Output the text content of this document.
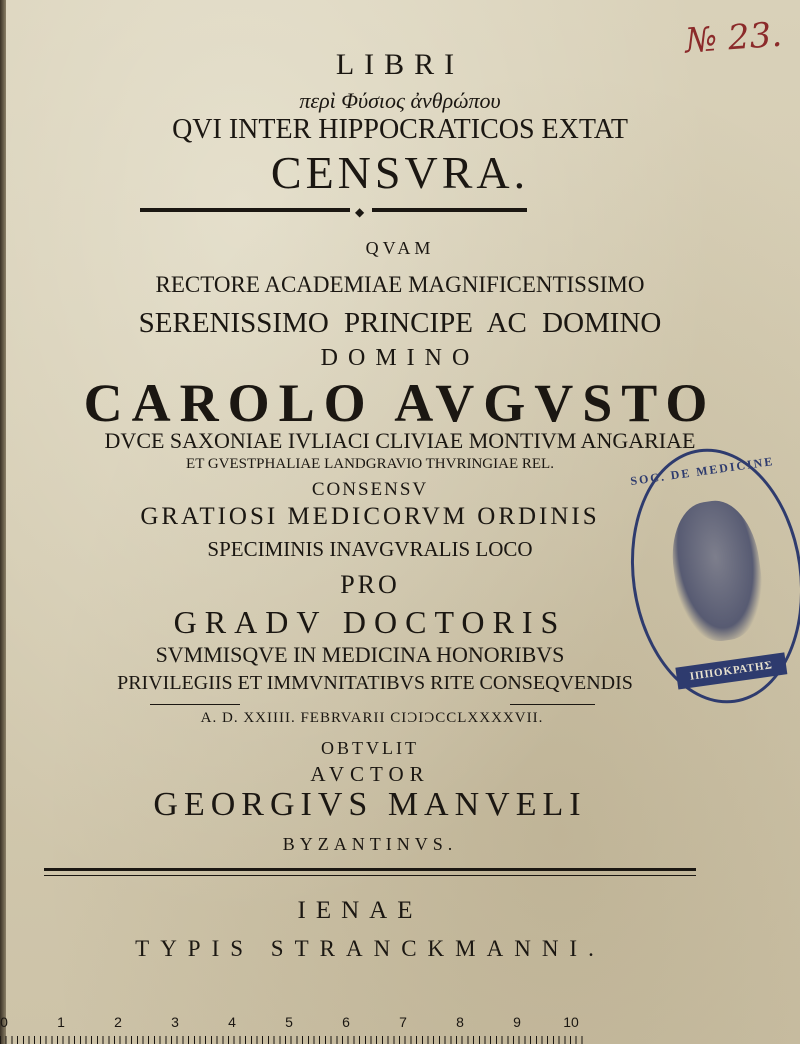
№ 23.
LIBRI
περὶ Φύσιος ἀνθρώπου
QVI INTER HIPPOCRATICOS EXTAT
CENSVRA.
◆
QVAM
RECTORE ACADEMIAE MAGNIFICENTISSIMO
SERENISSIMO PRINCIPE AC DOMINO
DOMINO
CAROLO AVGVSTO
DVCE SAXONIAE IVLIACI CLIVIAE MONTIVM ANGARIAE
ET GVESTPHALIAE LANDGRAVIO THVRINGIAE REL.
CONSENSV
GRATIOSI MEDICORVM ORDINIS
SPECIMINIS INAVGVRALIS LOCO
PRO
GRADV DOCTORIS
SVMMISQVE IN MEDICINA HONORIBVS
PRIVILEGIIS ET IMMVNITATIBVS RITE CONSEQVENDIS
SOC. DE MEDICINE
ΙΠΠΟΚΡΑΤΗΣ
A. D. XXIIII. FEBRVARII CIƆIƆCCLXXXXVII.
OBTVLIT
AVCTOR
GEORGIVS MANVELI
BYZANTINVS.
IENAE
TYPIS STRANCKMANNI.
0	1	2	3	4	5	6	7	8	9	10
